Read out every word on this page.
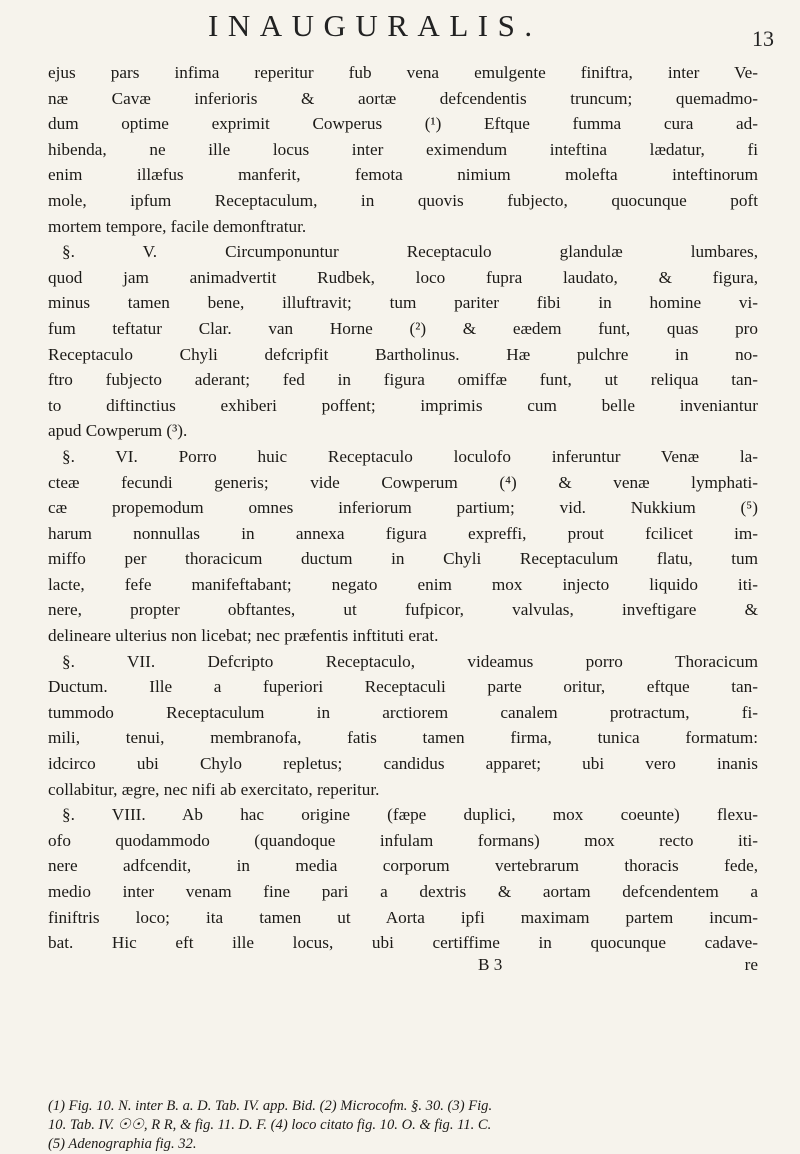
INAUGURALIS.	13

ejus pars infima reperitur fub vena emulgente finiftra, inter Ve-

næ Cavæ inferioris & aortæ defcendentis truncum; quemadmo-

dum optime exprimit Cowperus (¹) Eftque fumma cura ad-

hibenda, ne ille locus inter eximendum inteftina lædatur, fi

enim illæfus manferit, femota nimium molefta inteftinorum

mole, ipfum Receptaculum, in quovis fubjecto, quocunque poft

mortem tempore, facile demonftratur.

§. V. Circumponuntur Receptaculo glandulæ lumbares,

quod jam animadvertit Rudbek, loco fupra laudato, & figura,

minus tamen bene, illuftravit; tum pariter fibi in homine vi-

fum teftatur Clar. van Horne (²) & eædem funt, quas pro

Receptaculo Chyli defcripfit Bartholinus. Hæ pulchre in no-

ftro fubjecto aderant; fed in figura omiffæ funt, ut reliqua tan-

to diftinctius exhiberi poffent; imprimis cum belle inveniantur

apud Cowperum (³).

§. VI. Porro huic Receptaculo loculofo inferuntur Venæ la-

cteæ fecundi generis; vide Cowperum (⁴) & venæ lymphati-

cæ propemodum omnes inferiorum partium; vid. Nukkium (⁵)

harum nonnullas in annexa figura expreffi, prout fcilicet im-

miffo per thoracicum ductum in Chyli Receptaculum flatu, tum

lacte, fefe manifeftabant; negato enim mox injecto liquido iti-

nere, propter obftantes, ut fufpicor, valvulas, inveftigare &

delineare ulterius non licebat; nec præfentis inftituti erat.

§. VII. Defcripto Receptaculo, videamus porro Thoracicum

Ductum. Ille a fuperiori Receptaculi parte oritur, eftque tan-

tummodo Receptaculum in arctiorem canalem protractum, fi-

mili, tenui, membranofa, fatis tamen firma, tunica formatum:

idcirco ubi Chylo repletus; candidus apparet; ubi vero inanis

collabitur, ægre, nec nifi ab exercitato, reperitur.

§. VIII. Ab hac origine (fæpe duplici, mox coeunte) flexu-

ofo quodammodo (quandoque infulam formans) mox recto iti-

nere adfcendit, in media corporum vertebrarum thoracis fede,

medio inter venam fine pari a dextris & aortam defcendentem a

finiftris loco; ita tamen ut Aorta ipfi maximam partem incum-

bat. Hic eft ille locus, ubi certiffime in quocunque cadave-

B 3	re

(1) Fig. 10. N. inter B. a. D. Tab. IV. app. Bid. (2) Microcofm. §. 30. (3) Fig.

10. Tab. IV. ☉☉, R R, & fig. 11. D. F. (4) loco citato fig. 10. O. & fig. 11. C.

(5) Adenographia fig. 32.
